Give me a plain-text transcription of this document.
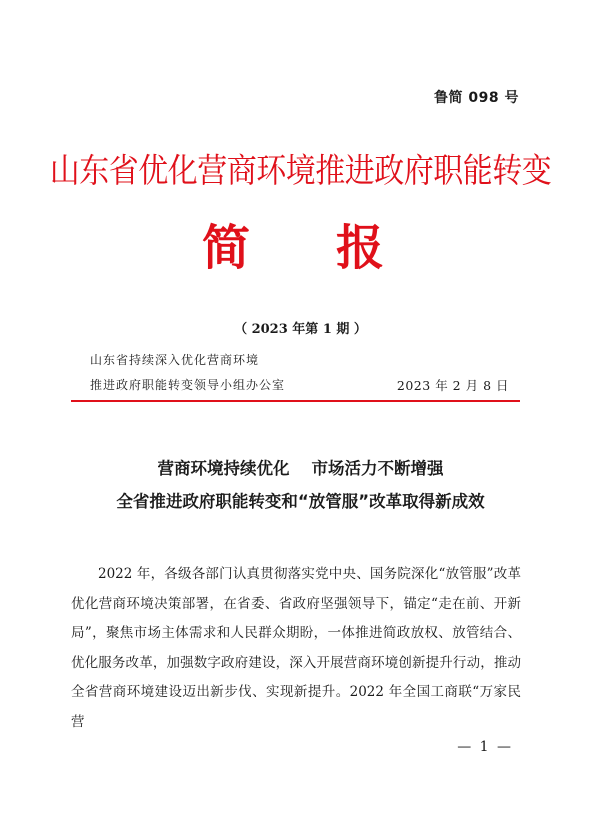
鲁简 098 号
山东省优化营商环境推进政府职能转变
简 报
（ 2023 年第 1 期 ）
山东省持续深入优化营商环境
推进政府职能转变领导小组办公室	2023 年 2 月 8 日
营商环境持续优化 市场活力不断增强
全省推进政府职能转变和“放管服”改革取得新成效

2022 年，各级各部门认真贯彻落实党中央、国务院深化“放管服”改革优化营商环境决策部署，在省委、省政府坚强领导下，锚定“走在前、开新局”，聚焦市场主体需求和人民群众期盼，一体推进简政放权、放管结合、优化服务改革，加强数字政府建设，深入开展营商环境创新提升行动，推动全省营商环境建设迈出新步伐、实现新提升。2022 年全国工商联“万家民营

— 1 —
